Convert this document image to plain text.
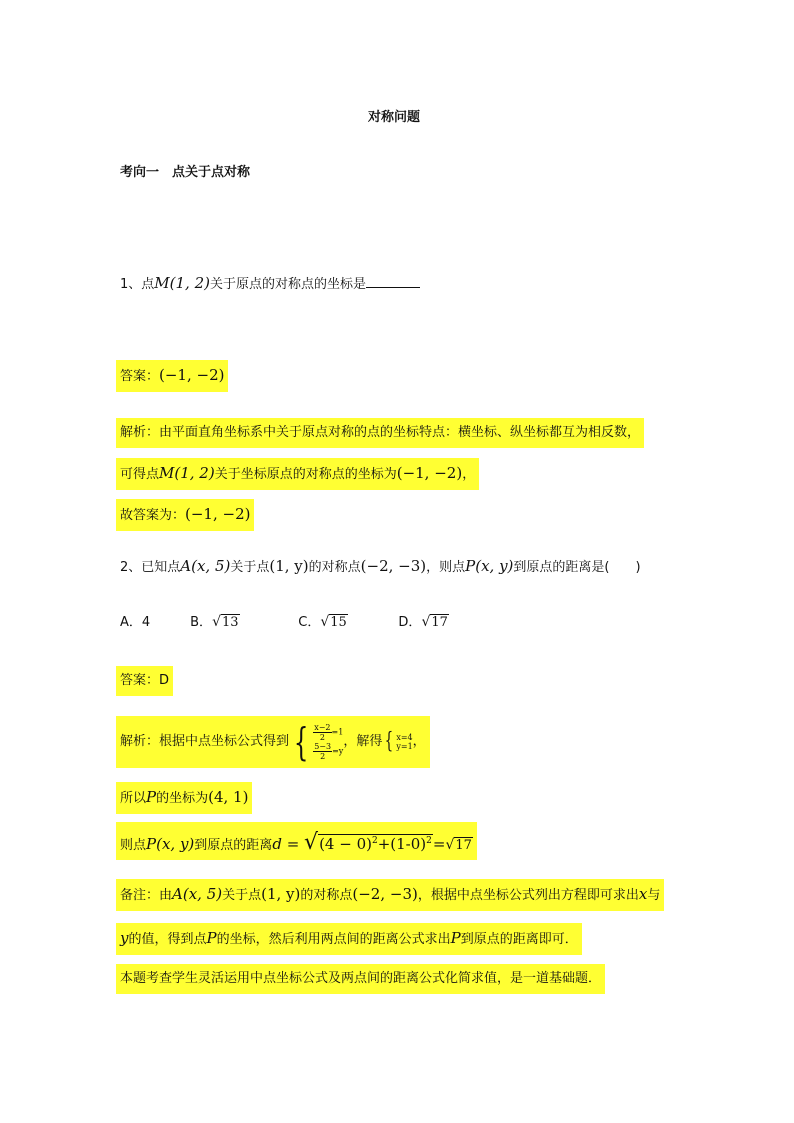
对称问题
考向一　点关于点对称
1、点M(1, 2)关于原点的对称点的坐标是
答案：(−1, −2)
解析：由平面直角坐标系中关于原点对称的点的坐标特点：横坐标、纵坐标都互为相反数，
可得点M(1, 2)关于坐标原点的对称点的坐标为(−1, −2)，
故答案为：(−1, −2)
2、已知点A(x, 5)关于点(1, y)的对称点(−2, −3)，则点P(x, y)到原点的距离是(　　)
A．4	B．√13	C．√15	D．√17
答案：D
解析：根据中点坐标公式得到 { $\frac{x-2}{2} =1$
$\frac{5-3}{2} =y$
，解得 { x=4
y=1 ，
所以P的坐标为(4, 1)
则点P(x, y)到原点的距离$d = √(4 - 0)^2+(1-0)^2=√17$
备注：由A(x, 5)关于点(1, y)的对称点(−2, −3)，根据中点坐标公式列出方程即可求出x与
y的值，得到点P的坐标，然后利用两点间的距离公式求出P到原点的距离即可．
本题考查学生灵活运用中点坐标公式及两点间的距离公式化简求值，是一道基础题．
